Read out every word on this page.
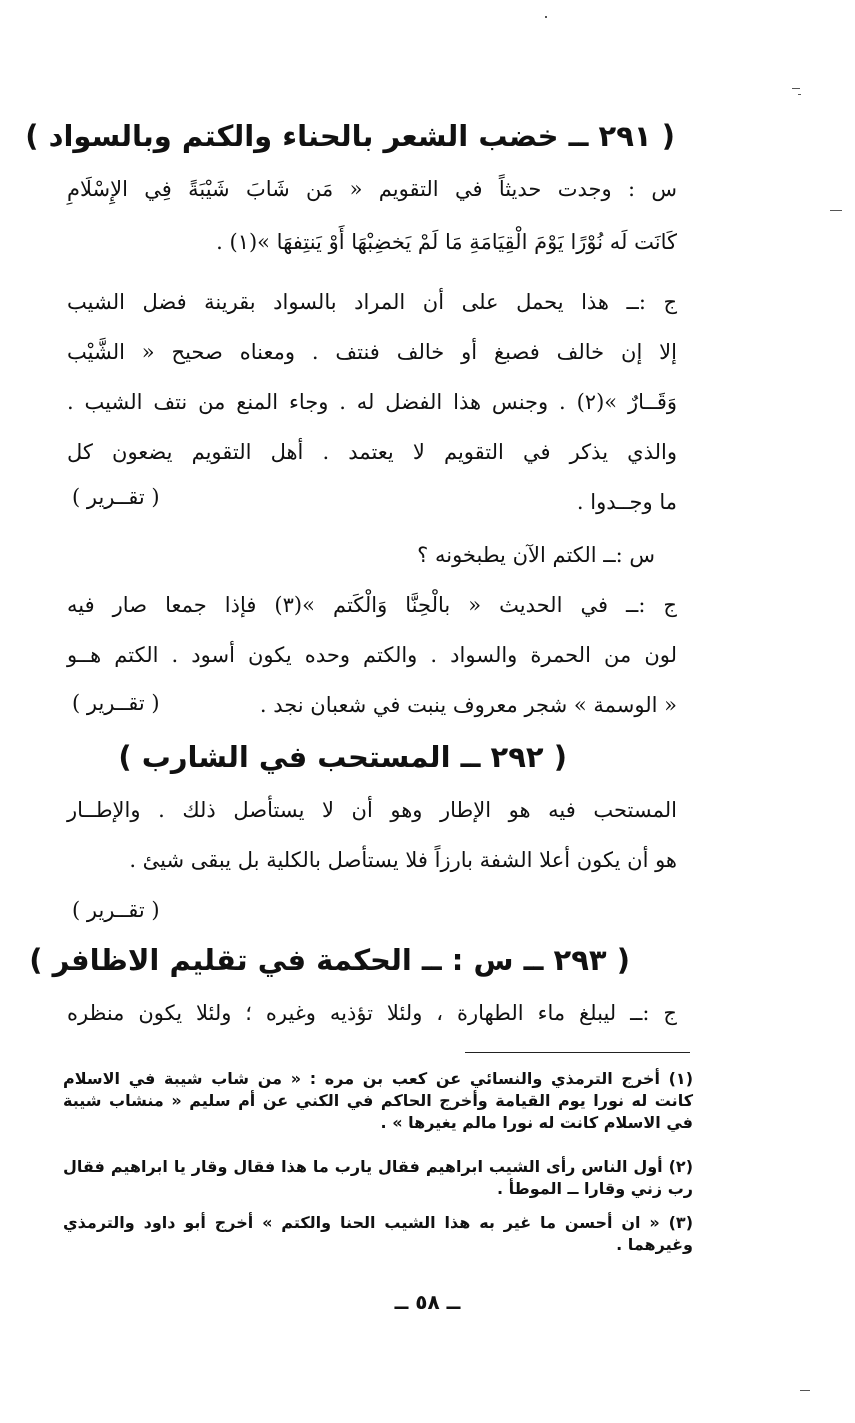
( ٢٩١ ــ خضب الشعر بالحناء والكتم وبالسواد )
س : وجدت حديثاً في التقويم « مَن شَابَ شَيْبَةً فِي الإِسْلَامِ
كَانَت لَه نُوْرًا يَوْمَ الْقِيَامَةِ مَا لَمْ يَخضِبْهَا أَوْ يَنتِفهَا »(١) .
ج :ــ هذا يحمل على أن المراد بالسواد بقرينة فضل الشيب
إلا إن خالف فصبغ أو خالف فنتف . ومعناه صحيح « الشَّيْب
وَقَــارٌ »(٢) . وجنس هذا الفضل له . وجاء المنع من نتف الشيب .
والذي يذكر في التقويم لا يعتمد . أهل التقويم يضعون كل
ما وجــدوا .
( تقــرير )
س :ــ الكتم الآن يطبخونه ؟
ج :ــ في الحديث « بالْحِنَّا وَالْكَتم »(٣) فإذا جمعا صار فيه
لون من الحمرة والسواد . والكتم وحده يكون أسود . الكتم هــو
« الوسمة » شجر معروف ينبت في شعبان نجد .
( تقــرير )
( ٢٩٢ ــ المستحب في الشارب )
المستحب فيه هو الإطار وهو أن لا يستأصل ذلك . والإطــار
هو أن يكون أعلا الشفة بارزاً فلا يستأصل بالكلية بل يبقى شيئ .
( تقــرير )
( ٢٩٣ ــ س : ــ الحكمة في تقليم الاظافر )
ج :ــ ليبلغ ماء الطهارة ، ولئلا تؤذيه وغيره ؛ ولئلا يكون منظره
(١) أخرج الترمذي والنسائي عن كعب بن مره : « من شاب شيبة في الاسلام كانت له نورا يوم القيامة وأخرج الحاكم في الكني عن أم سليم « منشاب شيبة في الاسلام كانت له نورا مالم يغيرها » .
(٢) أول الناس رأى الشيب ابراهيم فقال يارب ما هذا فقال وقار يا ابراهيم فقال رب زني وقارا ــ الموطأ .
(٣) « ان أحسن ما غير به هذا الشيب الحنا والكتم » أخرج أبو داود والترمذي وغيرهما .
ــ ٥٨ ــ
